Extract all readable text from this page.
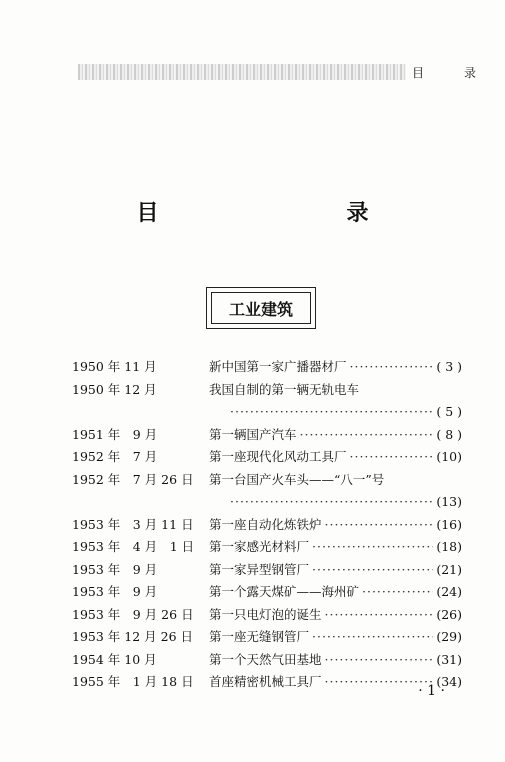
目　录
目　　录
工业建筑
1950 年 11 月	新中国第一家广播器材厂 ·····	( 3 )
1950 年 12 月	我国自制的第一辆无轨电车
·····
( 5 )
1951 年　9 月	第一辆国产汽车 ·····	( 8 )
1952 年　7 月	第一座现代化风动工具厂 ·····	(10)
1952 年　7 月 26 日	第一台国产火车头——“八一”号
·····
(13)
1953 年　3 月 11 日	第一座自动化炼铁炉 ·····	(16)
1953 年　4 月　1 日	第一家感光材料厂 ·····	(18)
1953 年　9 月	第一家异型钢管厂 ·····	(21)
1953 年　9 月	第一个露天煤矿——海州矿 ·····	(24)
1953 年　9 月 26 日	第一只电灯泡的诞生 ·····	(26)
1953 年 12 月 26 日	第一座无缝钢管厂 ·····	(29)
1954 年 10 月	第一个天然气田基地 ·····	(31)
1955 年　1 月 18 日	首座精密机械工具厂 ·····	(34)
· 1 ·
